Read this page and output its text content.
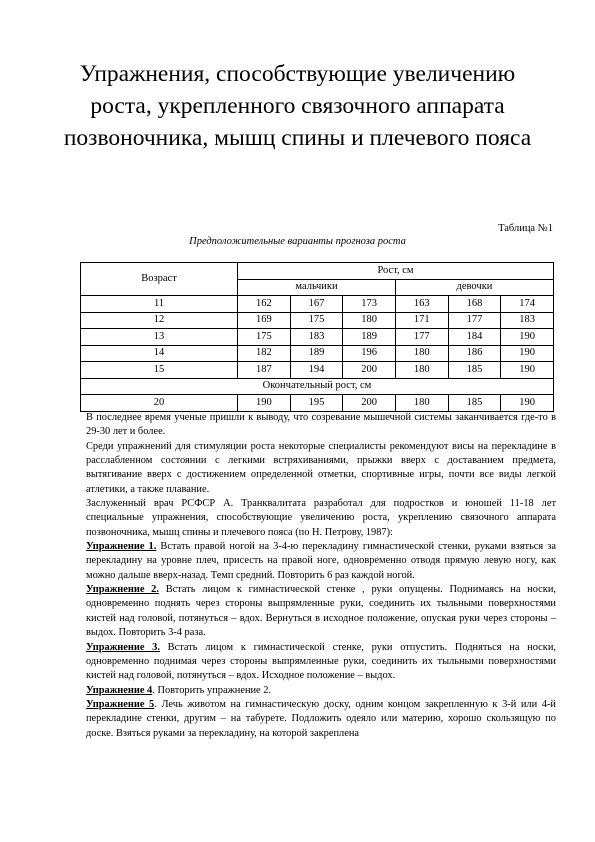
Упражнения, способствующие увеличению роста, укрепленного связочного аппарата позвоночника, мышц спины и плечевого пояса
Таблица №1
Предположительные варианты прогноза роста
Возраст	Рост, см					
	мальчики			девочки		
11	162	167	173	163	168	174
12	169	175	180	171	177	183
13	175	183	189	177	184	190
14	182	189	196	180	186	190
15	187	194	200	180	185	190
Окончательный рост, см						
20	190	195	200	180	185	190

В последнее время ученые пришли к выводу, что созревание мышечной системы заканчивается где-то в 29-30 лет и более.

Среди упражнений для стимуляции роста некоторые специалисты рекомендуют висы на перекладине в расслабленном состоянии с легкими встряхиваниями, прыжки вверх с доставанием предмета, вытягивание вверх с достижением определенной отметки, спортивные игры, почти все виды легкой атлетики, а также плавание.

Заслуженный врач РСФСР А. Транквалитата разработал для подростков и юношей 11-18 лет специальные упражнения, способствующие увеличению роста, укреплению связочного аппарата позвоночника, мышц спины и плечевого пояса (по Н. Петрову, 1987):

Упражнение 1. Встать правой ногой на 3-4-ю перекладину гимнастической стенки, руками взяться за перекладину на уровне плеч, присесть на правой ноге, одновременно отводя прямую левую ногу, как можно дальше вверх-назад. Темп средний. Повторить 6 раз каждой ногой.

Упражнение 2. Встать лицом к гимнастической стенке , руки опущены. Поднимаясь на носки, одновременно поднять через стороны выпрямленные руки, соединить их тыльными поверхностями кистей над головой, потянуться – вдох. Вернуться в исходное положение, опуская руки через стороны – выдох. Повторить 3-4 раза.

Упражнение 3. Встать лицом к гимнастической стенке, руки отпустить. Подняться на носки, одновременно поднимая через стороны выпрямленные руки, соединить их тыльными поверхностями кистей над головой, потянуться – вдох. Исходное положение – выдох.

Упражнение 4. Повторить упражнение 2.

Упражнение 5. Лечь животом на гимнастическую доску, одним концом закрепленную к 3-й или 4-й перекладине стенки, другим – на табурете. Подложить одеяло или материю, хорошо скользящую по доске. Взяться руками за перекладину, на которой закреплена
